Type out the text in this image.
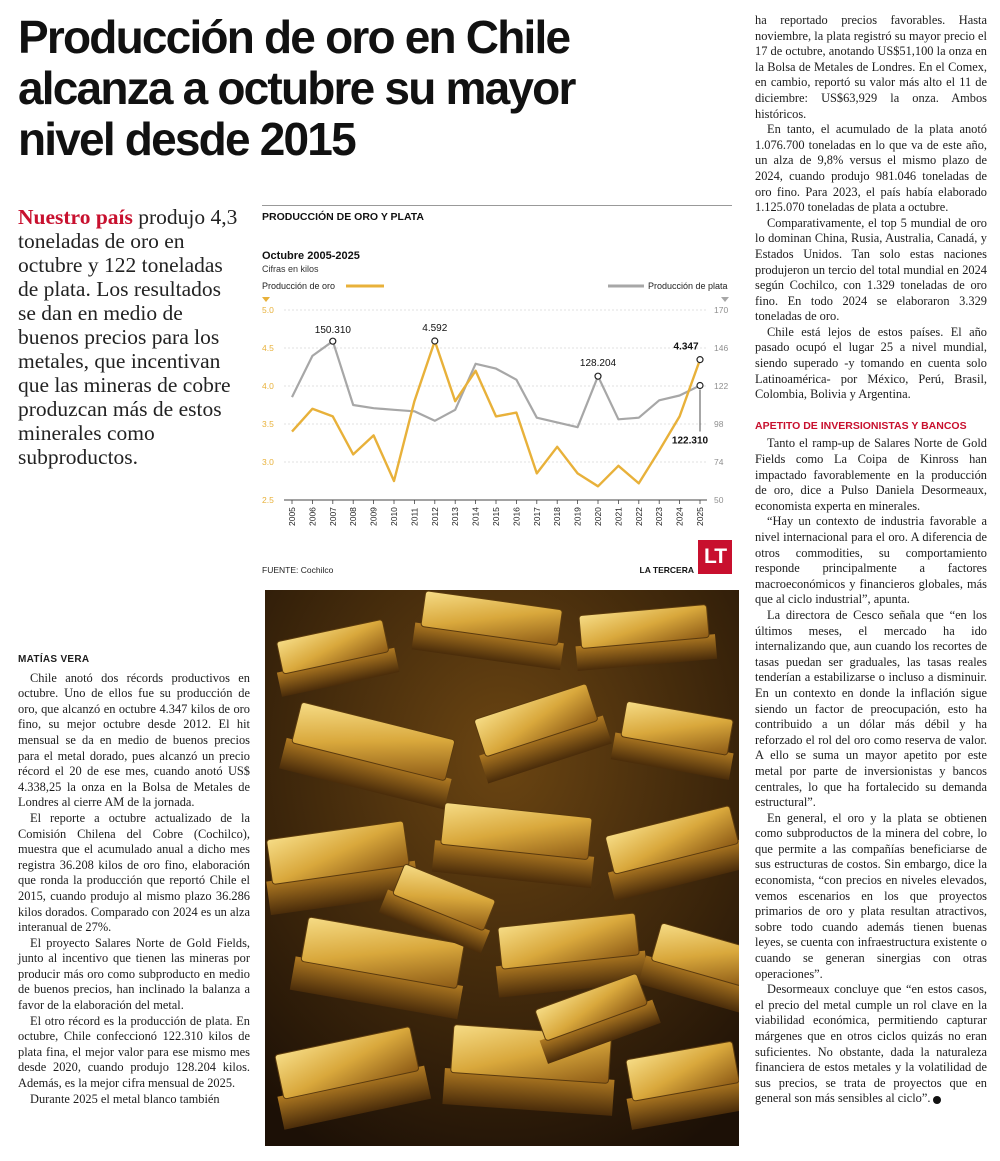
Producción de oro en Chile alcanza a octubre su mayor nivel desde 2015
Nuestro país produjo 4,3 toneladas de oro en octubre y 122 toneladas de plata. Los resultados se dan en medio de buenos precios para los metales, que incentivan que las mineras de cobre produzcan más de estos minerales como subproductos.

MATÍAS VERA

Chile anotó dos récords productivos en octubre. Uno de ellos fue su producción de oro, que alcanzó en octubre 4.347 kilos de oro fino, su mejor octubre desde 2012. El hit mensual se da en medio de buenos precios para el metal dorado, pues alcanzó un precio récord el 20 de ese mes, cuando anotó US$ 4.338,25 la onza en la Bolsa de Metales de Londres al cierre AM de la jornada.

El reporte a octubre actualizado de la Comisión Chilena del Cobre (Cochilco), muestra que el acumulado anual a dicho mes registra 36.208 kilos de oro fino, elaboración que ronda la producción que reportó Chile el 2015, cuando produjo al mismo plazo 36.286 kilos dorados. Comparado con 2024 es un alza interanual de 27%.

El proyecto Salares Norte de Gold Fields, junto al incentivo que tienen las mineras por producir más oro como subproducto en medio de buenos precios, han inclinado la balanza a favor de la elaboración del metal.

El otro récord es la producción de plata. En octubre, Chile confeccionó 122.310 kilos de plata fina, el mejor valor para ese mismo mes desde 2020, cuando produjo 128.204 kilos. Además, es la mejor cifra mensual de 2025.

Durante 2025 el metal blanco también

PRODUCCIÓN DE ORO Y PLATA
Octubre 2005-2025
Cifras en kilos
Producción de oro	Producción de plata
2.5	50
3.0	74
3.5	98
4.0	122
4.5	146
5.0	170
2005 2006 2007 2008 2009 2010 2011 2012 2013 2014 2015 2016 2017 2018 2019 2020 2021 2022 2023 2024 2025
150.310	4.592
128.204
4.347
122.310
FUENTE: Cochilco	LA TERCERA
LT

ha reportado precios favorables. Hasta noviembre, la plata registró su mayor precio el 17 de octubre, anotando US$51,100 la onza en la Bolsa de Metales de Londres. En el Comex, en cambio, reportó su valor más alto el 11 de diciembre: US$63,929 la onza. Ambos históricos.

En tanto, el acumulado de la plata anotó 1.076.700 toneladas en lo que va de este año, un alza de 9,8% versus el mismo plazo de 2024, cuando produjo 981.046 toneladas de oro fino. Para 2023, el país había elaborado 1.125.070 toneladas de plata a octubre.

Comparativamente, el top 5 mundial de oro lo dominan China, Rusia, Australia, Canadá, y Estados Unidos. Tan solo estas naciones produjeron un tercio del total mundial en 2024 según Cochilco, con 1.329 toneladas de oro fino. En todo 2024 se elaboraron 3.329 toneladas de oro.

Chile está lejos de estos países. El año pasado ocupó el lugar 25 a nivel mundial, siendo superado -y tomando en cuenta solo Latinoamérica- por México, Perú, Brasil, Colombia, Bolivia y Argentina.

APETITO DE INVERSIONISTAS Y BANCOS

Tanto el ramp-up de Salares Norte de Gold Fields como La Coipa de Kinross han impactado favorablemente en la producción de oro, dice a Pulso Daniela Desormeaux, economista experta en minerales.

“Hay un contexto de industria favorable a nivel internacional para el oro. A diferencia de otros commodities, su comportamiento responde principalmente a factores macroeconómicos y financieros globales, más que al ciclo industrial”, apunta.

La directora de Cesco señala que “en los últimos meses, el mercado ha ido internalizando que, aun cuando los recortes de tasas puedan ser graduales, las tasas reales tenderían a estabilizarse o incluso a disminuir. En un contexto en donde la inflación sigue siendo un factor de preocupación, esto ha contribuido a un dólar más débil y ha reforzado el rol del oro como reserva de valor. A ello se suma un mayor apetito por este metal por parte de inversionistas y bancos centrales, lo que ha fortalecido su demanda estructural”.

En general, el oro y la plata se obtienen como subproductos de la minera del cobre, lo que permite a las compañías beneficiarse de sus estructuras de costos. Sin embargo, dice la economista, “con precios en niveles elevados, vemos escenarios en los que proyectos primarios de oro y plata resultan atractivos, sobre todo cuando además tienen buenas leyes, se cuenta con infraestructura existente o cuando se generan sinergias con otras operaciones”.

Desormeaux concluye que “en estos casos, el precio del metal cumple un rol clave en la viabilidad económica, permitiendo capturar márgenes que en otros ciclos quizás no eran suficientes. No obstante, dada la naturaleza financiera de estos metales y la volatilidad de sus precios, se trata de proyectos que en general son más sensibles al ciclo”.
